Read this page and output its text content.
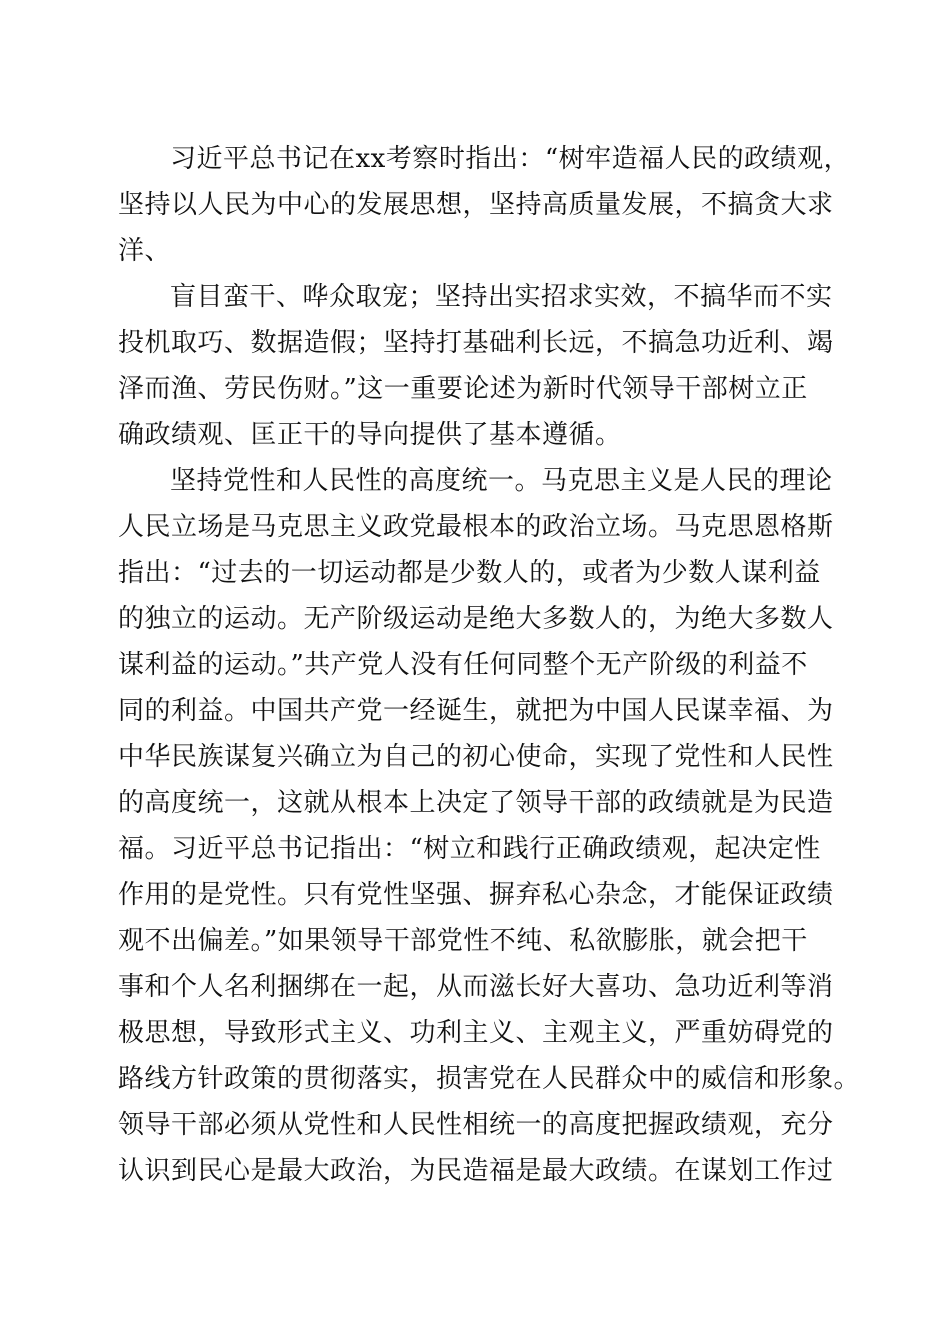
习近平总书记在xx考察时指出：“树牢造福人民的政绩观，
坚持以人民为中心的发展思想，坚持高质量发展，不搞贪大求
洋、

盲目蛮干、哗众取宠；坚持出实招求实效，不搞华而不实
投机取巧、数据造假；坚持打基础利长远，不搞急功近利、竭
泽而渔、劳民伤财。”这一重要论述为新时代领导干部树立正
确政绩观、匡正干的导向提供了基本遵循。

坚持党性和人民性的高度统一。马克思主义是人民的理论
人民立场是马克思主义政党最根本的政治立场。马克思恩格斯
指出：“过去的一切运动都是少数人的，或者为少数人谋利益
的独立的运动。无产阶级运动是绝大多数人的，为绝大多数人
谋利益的运动。”共产党人没有任何同整个无产阶级的利益不
同的利益。中国共产党一经诞生，就把为中国人民谋幸福、为
中华民族谋复兴确立为自己的初心使命，实现了党性和人民性
的高度统一，这就从根本上决定了领导干部的政绩就是为民造
福。习近平总书记指出：“树立和践行正确政绩观，起决定性
作用的是党性。只有党性坚强、摒弃私心杂念，才能保证政绩
观不出偏差。”如果领导干部党性不纯、私欲膨胀，就会把干
事和个人名利捆绑在一起，从而滋长好大喜功、急功近利等消
极思想，导致形式主义、功利主义、主观主义，严重妨碍党的
路线方针政策的贯彻落实，损害党在人民群众中的威信和形象。
领导干部必须从党性和人民性相统一的高度把握政绩观，充分
认识到民心是最大政治，为民造福是最大政绩。在谋划工作过
